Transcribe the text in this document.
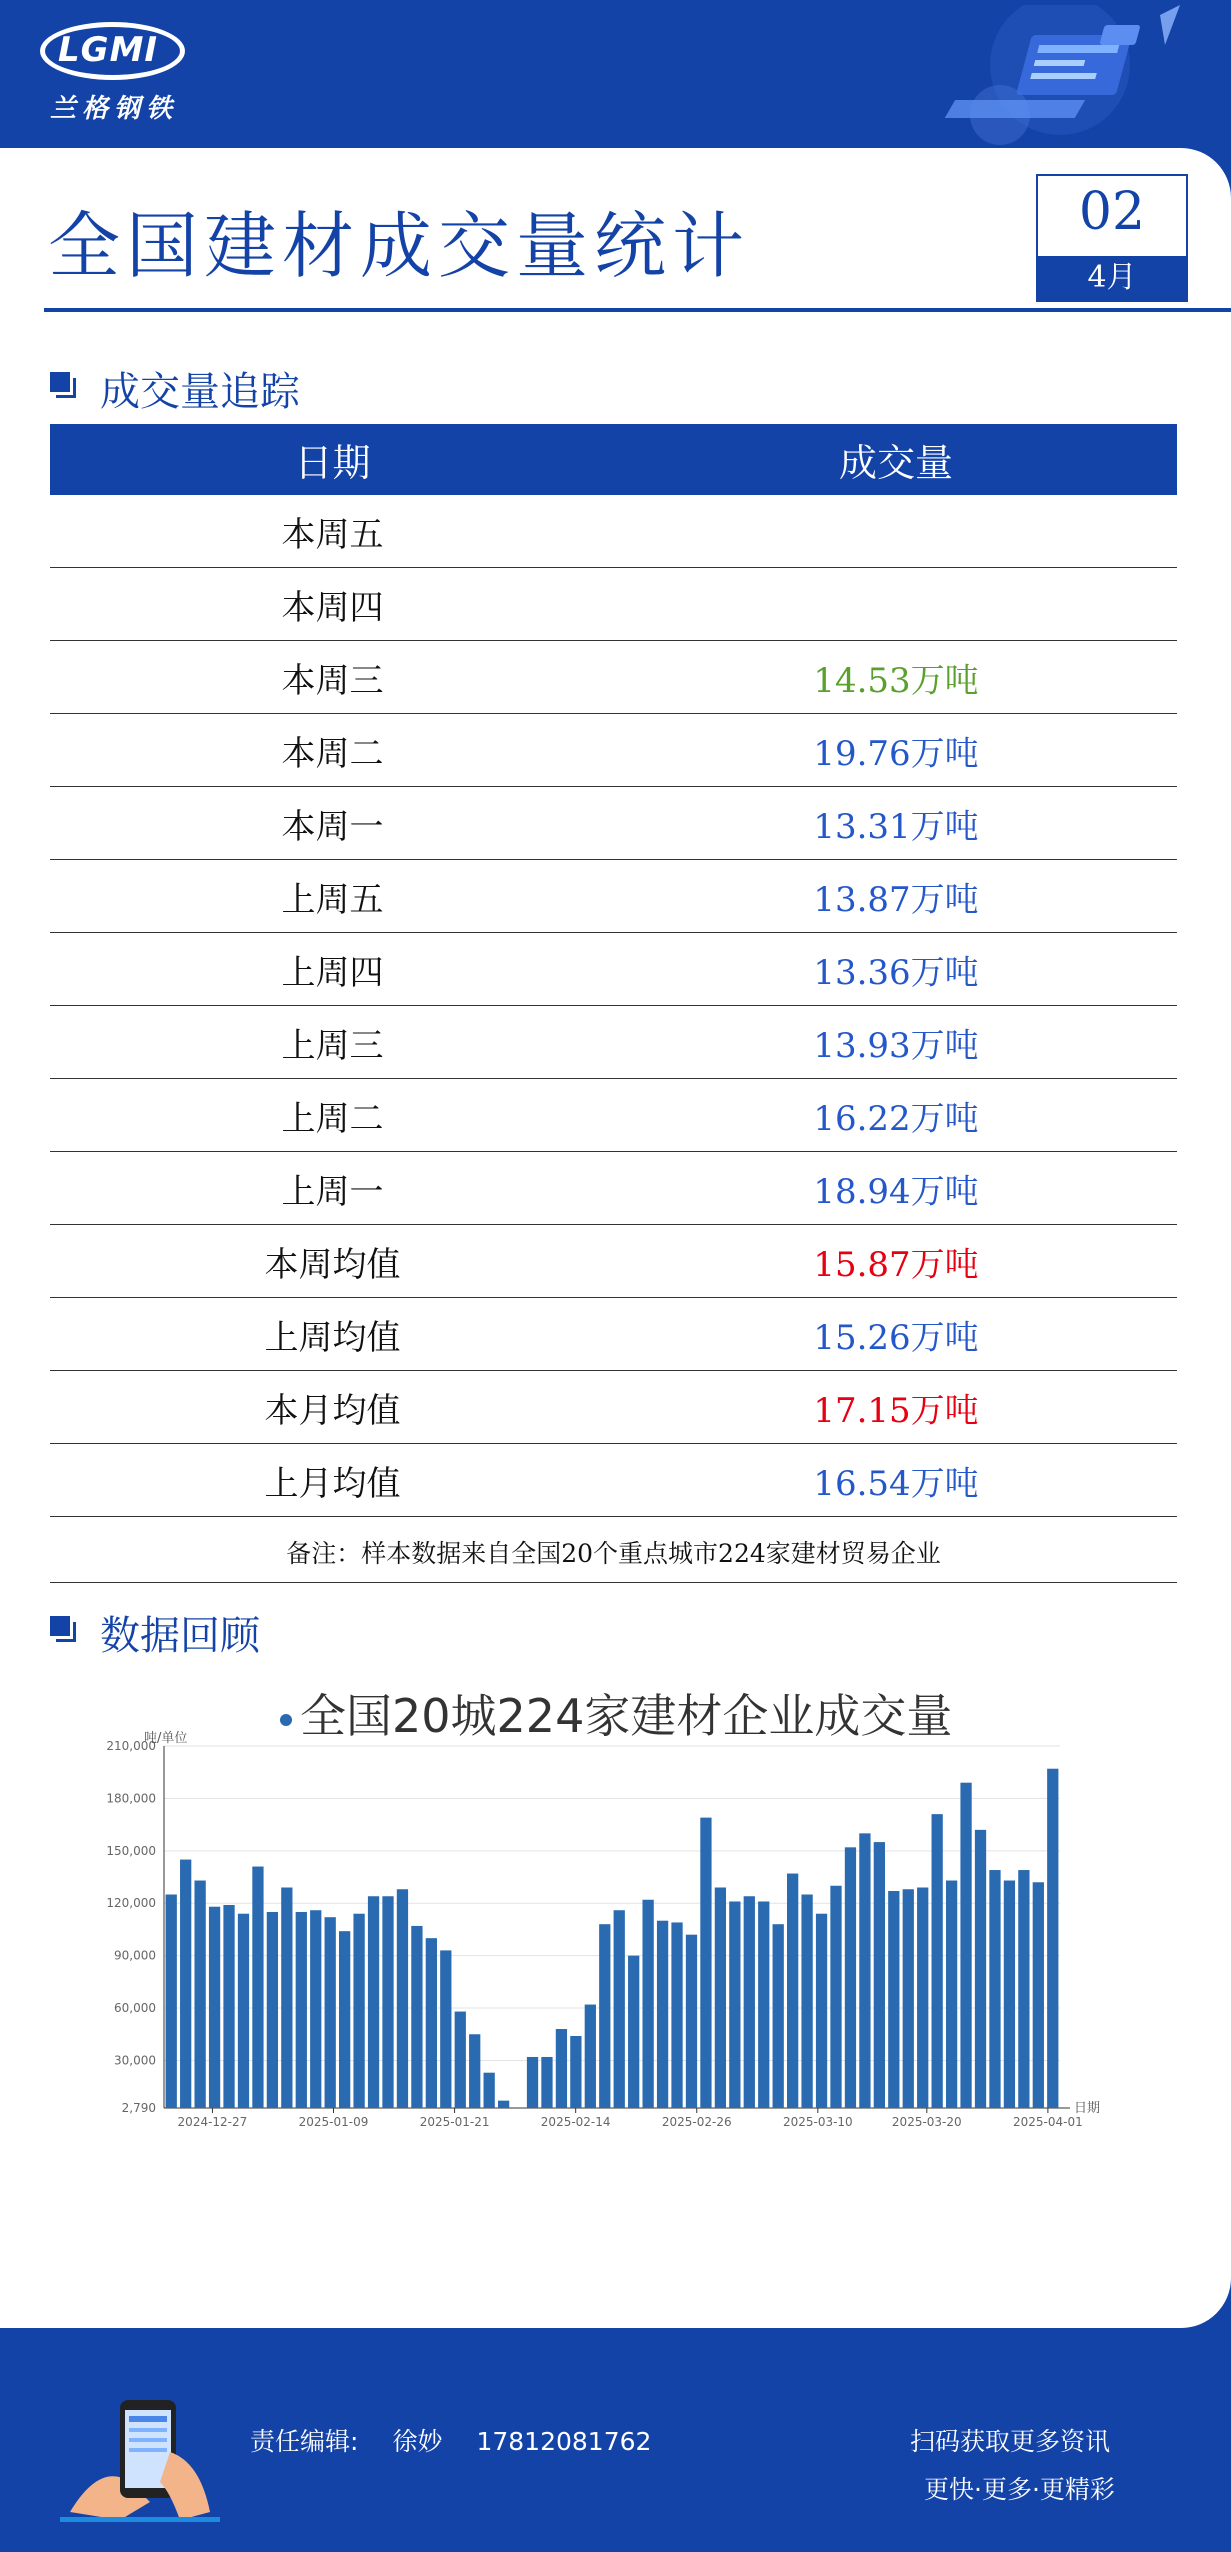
LGMI
兰格钢铁
全国建材成交量统计	02
4月
成交量追踪
日期	成交量
本周五	
本周四	
本周三	14.53万吨
本周二	19.76万吨
本周一	13.31万吨
上周五	13.87万吨
上周四	13.36万吨
上周三	13.93万吨
上周二	16.22万吨
上周一	18.94万吨
本周均值	15.87万吨
上周均值	15.26万吨
本月均值	17.15万吨
上月均值	16.54万吨
备注：样本数据来自全国20个重点城市224家建材贸易企业
数据回顾
全国20城224家建材企业成交量
210,000
180,000
150,000
120,000
90,000
60,000
30,000
2,790
吨/单位
日期
2024-12-27	2025-01-09	2025-01-21	2025-02-14	2025-02-26	2025-03-10	2025-03-20	2025-04-01
责任编辑: 徐妙 17812081762	扫码获取更多资讯
更快·更多·更精彩
